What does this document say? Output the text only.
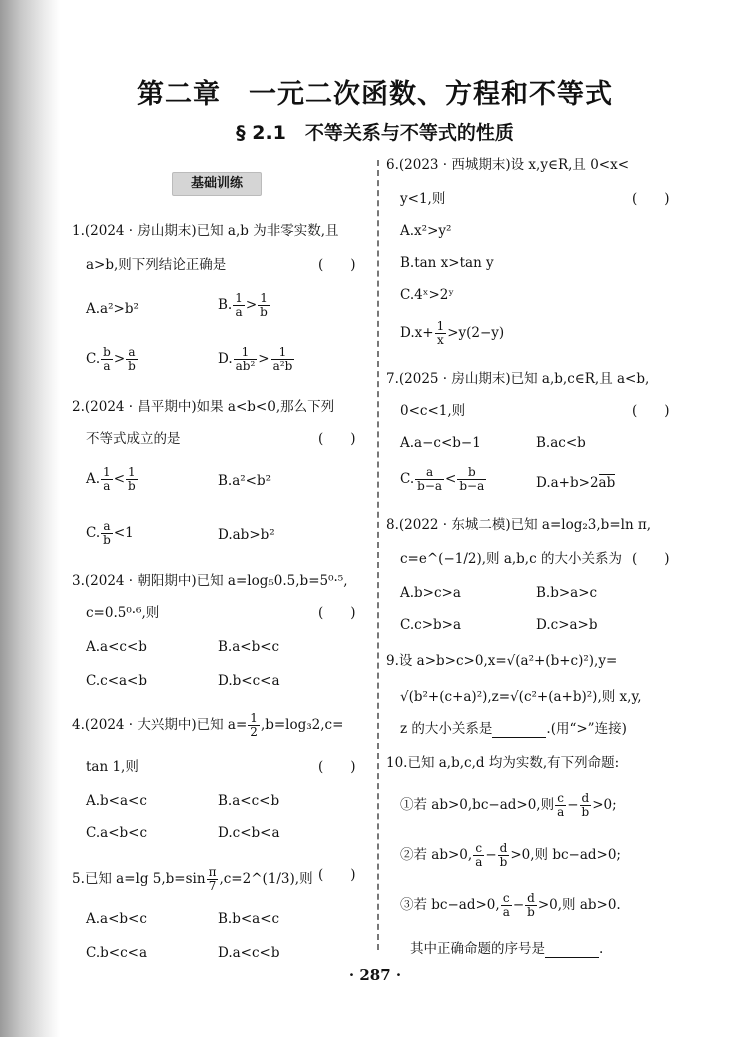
第二章　一元二次函数、方程和不等式
§ 2.1　不等关系与不等式的性质
基础训练
1.(2024 · 房山期末)已知 a,b 为非零实数,且
a>b,则下列结论正确是	(　　)
A.a²>b²	B. $\frac{1}{a} > \frac{1}{b}$
C. $\frac{b}{a} > \frac{a}{b}$	D. $\frac{1}{\text{ab²}} > \frac{1}{\text{a²b}}$
2.(2024 · 昌平期中)如果 a<b<0,那么下列
不等式成立的是	(　　)
A. $\frac{1}{a} < \frac{1}{b}$	B.a²<b²
C. $\frac{a}{b} <1$	D.ab>b²
3.(2024 · 朝阳期中)已知 a=log₅0.5,b=5⁰·⁵,
c=0.5⁰·⁶,则	(　　)
A.a<c<b	B.a<b<c
C.c<a<b	D.b<c<a
4.(2024 · 大兴期中)已知 $a= \frac{1}{2} ,b=\log_32,c=$
tan 1,则	(　　)
A.b<a<c	B.a<c<b
C.a<b<c	D.c<b<a
5.已知 a=lg $5,b=\sin \frac{\pi}{7}$ ,c=2^(1/3),则 (　　)
A.a<b<c	B.b<a<c
C.b<c<a	D.a<c<b
6.(2023 · 西城期末)设 x,y∈R,且 0<x<
y<1,则	(　　)
A.x²>y²
B.tan x>tan y
C.4ˣ>2ʸ
$D.x+ \frac{1}{x} >y(2-y)$
7.(2025 · 房山期末)已知 a,b,c∈R,且 a<b,
0<c<1,则	(　　)
A.a−c<b−1	B.ac<b
C. $\frac{a}{b-a} < \frac{b}{b-a}$	D.a+b>2ab
8.(2022 · 东城二模)已知 a=log₂3,b=ln π,
c=e^(−1/2),则 a,b,c 的大小关系为 (　　)
A.b>c>a	B.b>a>c
C.c>b>a	D.c>a>b
9.设 a>b>c>0,x=√(a²+(b+c)²),y=
√(b²+(c+a)²),z=√(c²+(a+b)²),则 x,y,
z 的大小关系是	.(用“>”连接)
10.已知 a,b,c,d 均为实数,有下列命题:
①若 ab>0,bc−ad>0,则 $\frac{c}{a} - \frac{d}{b} >0$;
②若 ab>0, $\frac{c}{a} - \frac{d}{b} >0$,则 bc−ad>0;
③若 bc−ad>0, $\frac{c}{a} - \frac{d}{b} >0$,则 ab>0.
其中正确命题的序号是	.
· 287 ·
